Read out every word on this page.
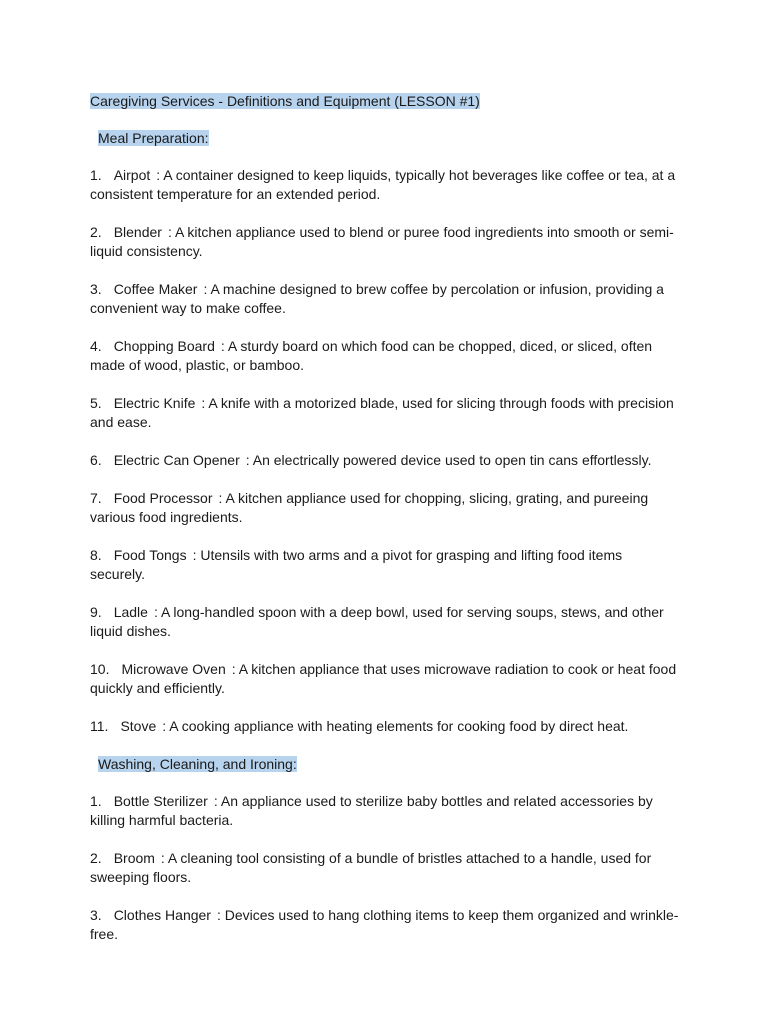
Caregiving Services - Definitions and Equipment (LESSON #1)

Meal Preparation:

1. Airpot : A container designed to keep liquids, typically hot beverages like coffee or tea, at a consistent temperature for an extended period.

2. Blender : A kitchen appliance used to blend or puree food ingredients into smooth or semi-liquid consistency.

3. Coffee Maker : A machine designed to brew coffee by percolation or infusion, providing a convenient way to make coffee.

4. Chopping Board : A sturdy board on which food can be chopped, diced, or sliced, often made of wood, plastic, or bamboo.

5. Electric Knife : A knife with a motorized blade, used for slicing through foods with precision and ease.

6. Electric Can Opener : An electrically powered device used to open tin cans effortlessly.

7. Food Processor : A kitchen appliance used for chopping, slicing, grating, and pureeing various food ingredients.

8. Food Tongs : Utensils with two arms and a pivot for grasping and lifting food items securely.

9. Ladle : A long-handled spoon with a deep bowl, used for serving soups, stews, and other liquid dishes.

10. Microwave Oven : A kitchen appliance that uses microwave radiation to cook or heat food quickly and efficiently.

11. Stove : A cooking appliance with heating elements for cooking food by direct heat.

Washing, Cleaning, and Ironing:

1. Bottle Sterilizer : An appliance used to sterilize baby bottles and related accessories by killing harmful bacteria.

2. Broom : A cleaning tool consisting of a bundle of bristles attached to a handle, used for sweeping floors.

3. Clothes Hanger : Devices used to hang clothing items to keep them organized and wrinkle-free.
